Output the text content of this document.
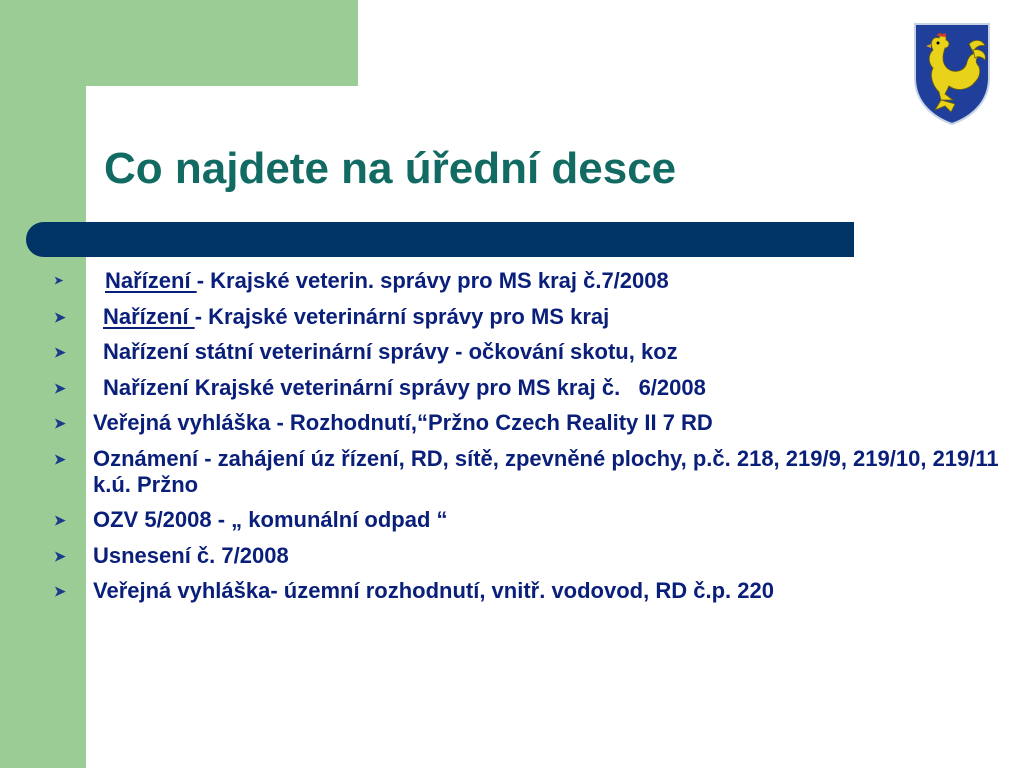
Co najdete na úřední desce
➤	Nařízení - Krajské veterin. správy pro MS kraj č.7/2008
➤	Nařízení - Krajské veterinární správy pro MS kraj
➤	Nařízení státní veterinární správy - očkování skotu, koz
➤	Nařízení Krajské veterinární správy pro MS kraj č.   6/2008
➤	Veřejná vyhláška - Rozhodnutí,“Pržno Czech Reality II 7 RD
➤	Oznámení - zahájení úz řízení, RD, sítě, zpevněné plochy, p.č. 218, 219/9, 219/10, 219/11 k.ú. Pržno
➤	OZV 5/2008 - „ komunální odpad “
➤	Usnesení č. 7/2008
➤	Veřejná vyhláška- územní rozhodnutí, vnitř. vodovod, RD č.p. 220
